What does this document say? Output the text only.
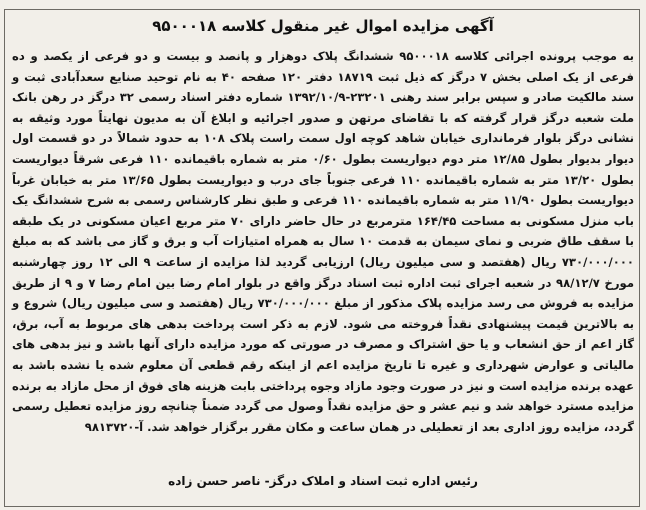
آگهی مزایده اموال غیر منقول کلاسه ۹۵۰۰۰۱۸

به موجب پرونده اجرائی کلاسه ۹۵۰۰۰۱۸ ششدانگ پلاک دوهزار و پانصد و بیست و دو فرعی از یکصد و ده فرعی از یک اصلی بخش ۷ درگز که ذیل ثبت ۱۸۷۱۹ دفتر ۱۲۰ صفحه ۴۰ به نام توحید صنایع سعدآبادی ثبت و سند مالکیت صادر و سپس برابر سند رهنی ۲۳۲۰۱-۱۳۹۲/۱۰/۹ شماره دفتر اسناد رسمی ۳۲ درگز در رهن بانک ملت شعبه درگز قرار گرفته که با تقاضای مرتهن و صدور اجرائیه و ابلاغ آن به مدیون نهایتاً مورد وثیقه به نشانی درگز بلوار فرمانداری خیابان شاهد کوچه اول سمت راست پلاک ۱۰۸ به حدود شمالاً در دو قسمت اول دیوار بدیوار بطول ۱۲/۸۵ متر دوم دیواریست بطول ۰/۶۰ متر به شماره باقیمانده ۱۱۰ فرعی شرقاً دیواریست بطول ۱۳/۲۰ متر به شماره باقیمانده ۱۱۰ فرعی جنوباً جای درب و دیواریست بطول ۱۳/۶۵ متر به خیابان غرباً دیواریست بطول ۱۱/۹۰ متر به شماره باقیمانده ۱۱۰ فرعی و طبق نظر کارشناس رسمی به شرح ششدانگ یک باب منزل مسکونی به مساحت ۱۶۴/۴۵ مترمربع در حال حاضر دارای ۷۰ متر مربع اعیان مسکونی در یک طبقه با سقف طاق ضربی و نمای سیمان به قدمت ۱۰ سال به همراه امتیازات آب و برق و گاز می باشد که به مبلغ ۷۳۰/۰۰۰/۰۰۰ ریال (هفتصد و سی میلیون ریال) ارزیابی گردید لذا مزایده از ساعت ۹ الی ۱۲ روز چهارشنبه مورخ ۹۸/۱۲/۷ در شعبه اجرای ثبت اداره ثبت اسناد درگز واقع در بلوار امام رضا بین امام رضا ۷ و ۹ از طریق مزایده به فروش می رسد مزایده پلاک مذکور از مبلغ ۷۳۰/۰۰۰/۰۰۰ ریال (هفتصد و سی میلیون ریال) شروع و به بالاترین قیمت پیشنهادی نقداً فروخته می شود. لازم به ذکر است پرداخت بدهی های مربوط به آب، برق، گاز اعم از حق انشعاب و یا حق اشتراک و مصرف در صورتی که مورد مزایده دارای آنها باشد و نیز بدهی های مالیاتی و عوارض شهرداری و غیره تا تاریخ مزایده اعم از اینکه رقم قطعی آن معلوم شده یا نشده باشد به عهده برنده مزایده است و نیز در صورت وجود مازاد وجوه پرداختی بابت هزینه های فوق از محل مازاد به برنده مزایده مسترد خواهد شد و نیم عشر و حق مزایده نقداً وصول می گردد ضمناً چنانچه روز مزایده تعطیل رسمی گردد، مزایده روز اداری بعد از تعطیلی در همان ساعت و مکان مقرر برگزار خواهد شد. آ-۹۸۱۳۷۲۰

رئیس اداره ثبت اسناد و املاک درگز- ناصر حسن زاده
